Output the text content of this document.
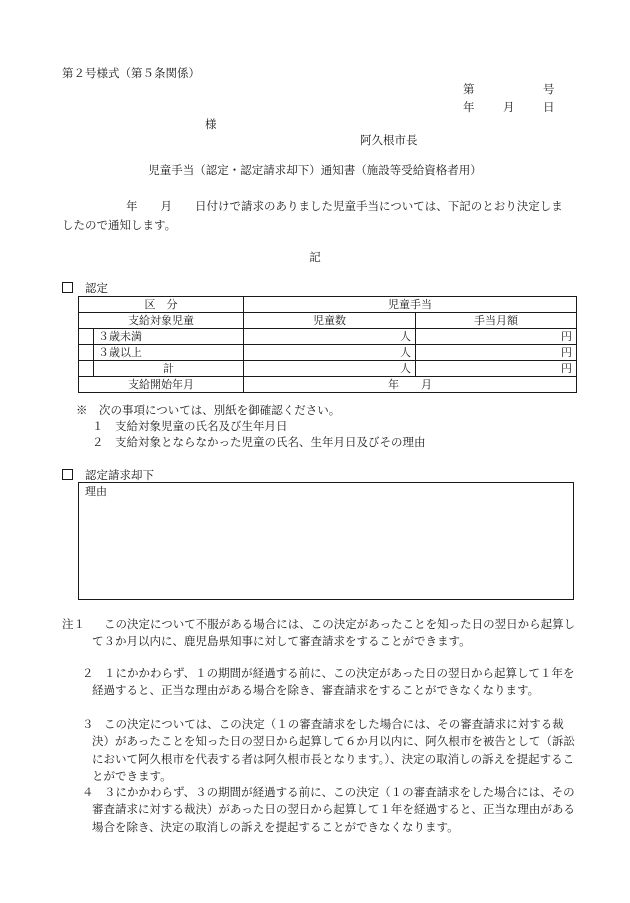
第２号様式（第５条関係）
第	号
年 月 日
様
阿久根市長
児童手当（認定・認定請求却下）通知書（施設等受給資格者用）
年　　月　　日付けで請求のありました児童手当については、下記のとおり決定しましたので通知します。
記
認定
区　分		児童手当	
支給対象児童		児童数	手当月額
	３歳未満	人	円
	３歳以上	人	円
	計	人	円
支給開始年月		年　　月	
※　次の事項については、別紙を御確認ください。
１　支給対象児童の氏名及び生年月日
２　支給対象とならなかった児童の氏名、生年月日及びその理由
認定請求却下
理由
注１ この決定について不服がある場合には、この決定があったことを知った日の翌日から起算して３か月以内に、鹿児島県知事に対して審査請求をすることができます。
２ １にかかわらず、１の期間が経過する前に、この決定があった日の翌日から起算して１年を経過すると、正当な理由がある場合を除き、審査請求をすることができなくなります。
３ この決定については、この決定（１の審査請求をした場合には、その審査請求に対する裁決）があったことを知った日の翌日から起算して６か月以内に、阿久根市を被告として（訴訟において阿久根市を代表する者は阿久根市長となります。）、決定の取消しの訴えを提起することができます。
４ ３にかかわらず、３の期間が経過する前に、この決定（１の審査請求をした場合には、その審査請求に対する裁決）があった日の翌日から起算して１年を経過すると、正当な理由がある場合を除き、決定の取消しの訴えを提起することができなくなります。
